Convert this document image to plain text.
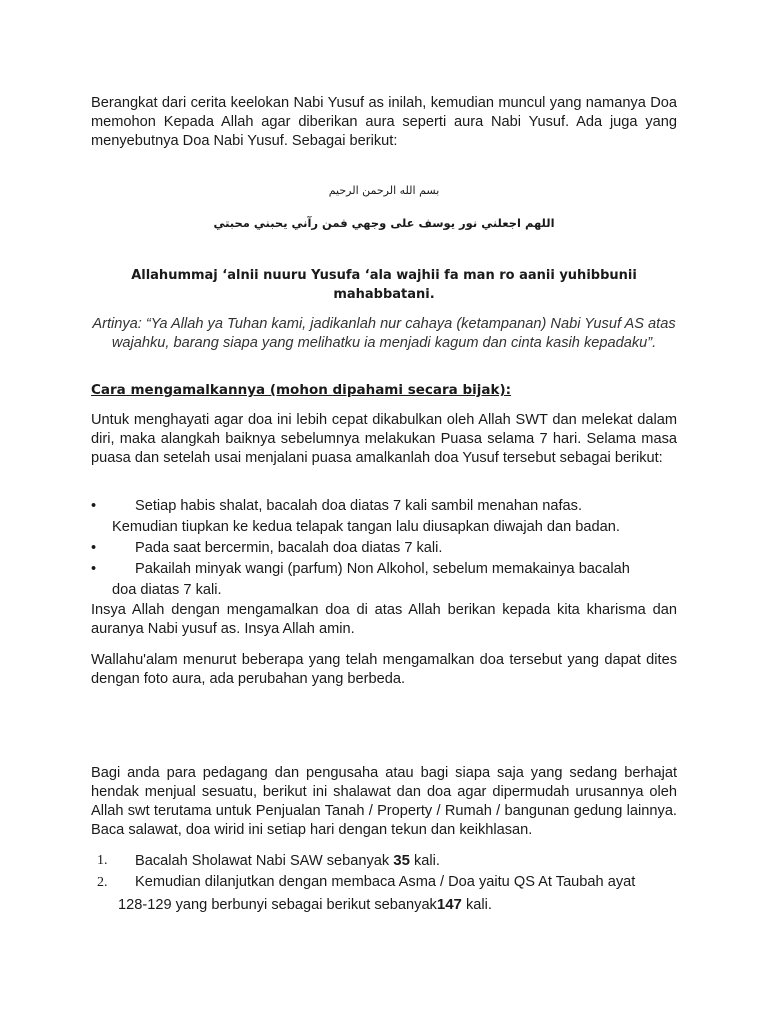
Berangkat dari cerita keelokan Nabi Yusuf as inilah, kemudian muncul yang namanya Doa memohon Kepada Allah agar diberikan aura seperti aura Nabi Yusuf. Ada juga yang menyebutnya Doa Nabi Yusuf. Sebagai berikut:
بسم الله الرحمن الرحيم
اللهم اجعلني نور يوسف على وجهي فمن رآني يحبني محبتي
Allahummaj ‘alnii nuuru Yusufa ‘ala wajhii fa man ro aanii yuhibbunii mahabbatani.
Artinya: “Ya Allah ya Tuhan kami, jadikanlah nur cahaya (ketampanan) Nabi Yusuf AS atas wajahku, barang siapa yang melihatku ia menjadi kagum dan cinta kasih kepadaku”.
Cara mengamalkannya (mohon dipahami secara bijak):
Untuk menghayati agar doa ini lebih cepat dikabulkan oleh Allah SWT dan melekat dalam diri, maka alangkah baiknya sebelumnya melakukan Puasa selama 7 hari. Selama masa puasa dan setelah usai menjalani puasa amalkanlah doa Yusuf tersebut sebagai berikut:
•	Setiap habis shalat, bacalah doa diatas 7 kali sambil menahan nafas.
Kemudian tiupkan ke kedua telapak tangan lalu diusapkan diwajah dan badan.
•	Pada saat bercermin, bacalah doa diatas 7 kali.
•	Pakailah minyak wangi (parfum) Non Alkohol, sebelum memakainya bacalah
doa diatas 7 kali.
Insya Allah dengan mengamalkan doa di atas Allah berikan kepada kita kharisma dan auranya Nabi yusuf as. Insya Allah amin.
Wallahu'alam menurut beberapa yang telah mengamalkan doa tersebut yang dapat dites dengan foto aura, ada perubahan yang berbeda.
Bagi anda para pedagang dan pengusaha atau bagi siapa saja yang sedang berhajat hendak menjual sesuatu, berikut ini shalawat dan doa agar dipermudah urusannya oleh Allah swt terutama untuk Penjualan Tanah / Property / Rumah / bangunan gedung lainnya. Baca salawat, doa wirid ini setiap hari dengan tekun dan keikhlasan.
1. Bacalah Sholawat Nabi SAW sebanyak 35 kali.
2. Kemudian dilanjutkan dengan membaca Asma / Doa yaitu QS At Taubah ayat
128-129 yang berbunyi sebagai berikut sebanyak147 kali.
